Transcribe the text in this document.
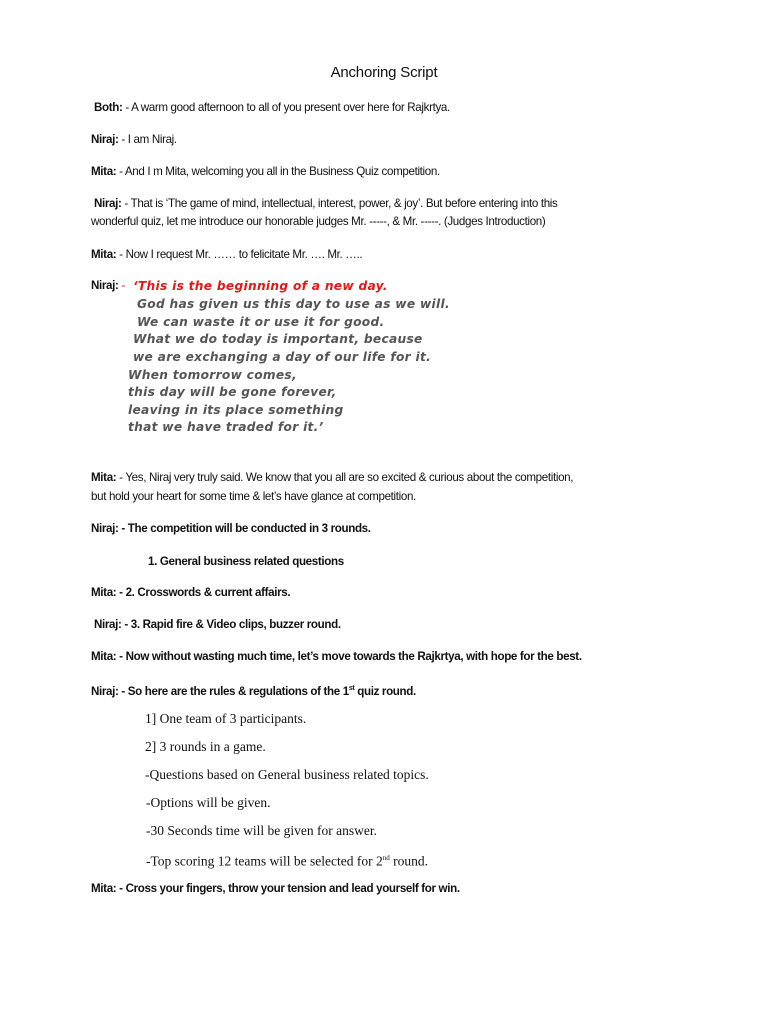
Anchoring Script
Both: - A warm good afternoon to all of you present over here for Rajkrtya.
Niraj: - I am Niraj.
Mita: - And I m Mita, welcoming you all in the Business Quiz competition.
Niraj: - That is ‘The game of mind, intellectual, interest, power, & joy’. But before entering into this
wonderful quiz, let me introduce our honorable judges Mr. -----, & Mr. -----. (Judges Introduction)
Mita: - Now I request Mr. …… to felicitate Mr. …. Mr. …..
Niraj: - ‘This is the beginning of a new day.
God has given us this day to use as we will.
We can waste it or use it for good.
What we do today is important, because
we are exchanging a day of our life for it.
When tomorrow comes,
this day will be gone forever,
leaving in its place something
that we have traded for it.’
Mita: - Yes, Niraj very truly said. We know that you all are so excited & curious about the competition,
but hold your heart for some time & let’s have glance at competition.
Niraj: - The competition will be conducted in 3 rounds.
1. General business related questions
Mita: - 2. Crosswords & current affairs.
Niraj: - 3. Rapid fire & Video clips, buzzer round.
Mita: - Now without wasting much time, let’s move towards the Rajkrtya, with hope for the best.
Niraj: - So here are the rules & regulations of the 1st quiz round.
1] One team of 3 participants.
2] 3 rounds in a game.
-Questions based on General business related topics.
-Options will be given.
-30 Seconds time will be given for answer.
-Top scoring 12 teams will be selected for 2nd round.
Mita: - Cross your fingers, throw your tension and lead yourself for win.
